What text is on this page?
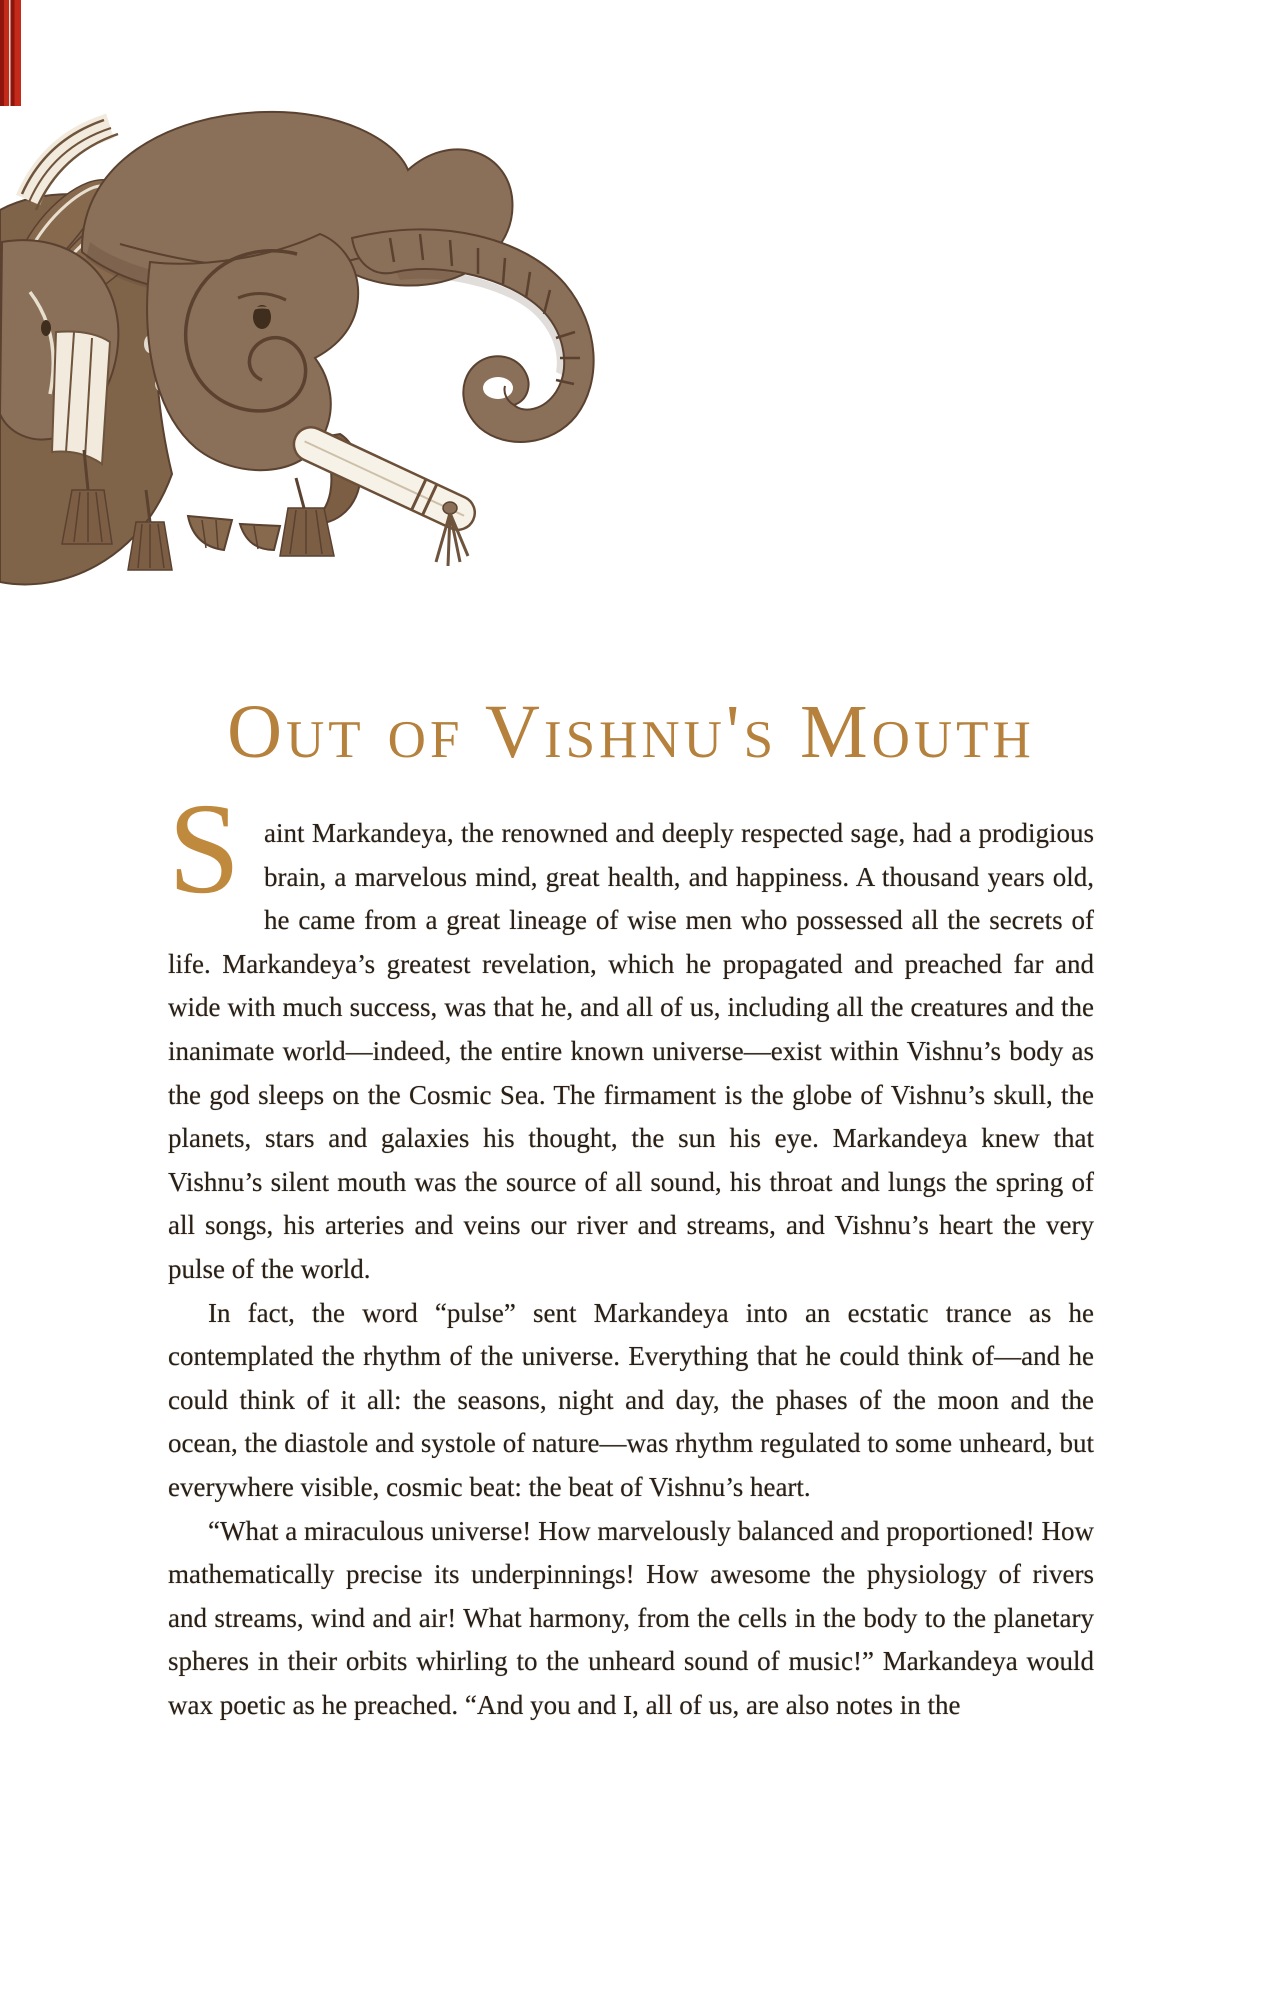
Out of Vishnu's Mouth
S aint Markandeya, the renowned and deeply respected sage, had a prodigious brain, a marvelous mind, great health, and happiness. A thousand years old, he came from a great lineage of wise men who possessed all the secrets of life. Markandeya’s greatest revelation, which he propagated and preached far and wide with much success, was that he, and all of us, including all the creatures and the inanimate world—indeed, the entire known universe—exist within Vishnu’s body as the god sleeps on the Cosmic Sea. The firmament is the globe of Vishnu’s skull, the planets, stars and galaxies his thought, the sun his eye. Markandeya knew that Vishnu’s silent mouth was the source of all sound, his throat and lungs the spring of all songs, his arteries and veins our river and streams, and Vishnu’s heart the very pulse of the world.

In fact, the word “pulse” sent Markandeya into an ecstatic trance as he contemplated the rhythm of the universe. Everything that he could think of—and he could think of it all: the seasons, night and day, the phases of the moon and the ocean, the diastole and systole of nature—was rhythm regulated to some unheard, but everywhere visible, cosmic beat: the beat of Vishnu’s heart.

“What a miraculous universe! How marvelously balanced and proportioned! How mathematically precise its underpinnings! How awesome the physiology of rivers and streams, wind and air! What harmony, from the cells in the body to the planetary spheres in their orbits whirling to the unheard sound of music!” Markandeya would wax poetic as he preached. “And you and I, all of us, are also notes in the
